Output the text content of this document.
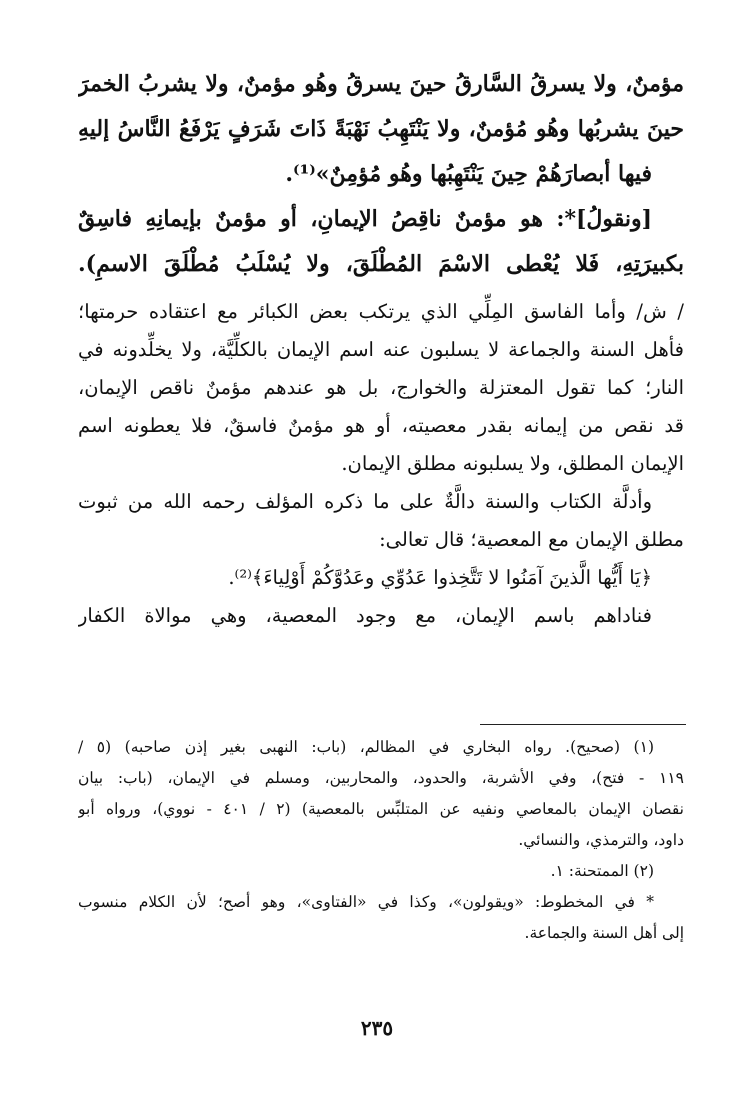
مؤمنٌ، ولا يسرقُ السَّارقُ حينَ يسرقُ وهُو مؤمنٌ، ولا يشربُ الخمرَ
حينَ يشربُها وهُو مُؤمنٌ، ولا يَنْتَهِبُ نَهْبَةً ذَاتَ شَرَفٍ يَرْفَعُ النَّاسُ إليهِ
فيها أبصارَهُمْ حِينَ يَنْتَهِبُها وهُو مُؤمِنٌ»⁽¹⁾.
[ونقولُ]*: هو مؤمنٌ ناقِصُ الإيمانِ، أو مؤمنٌ بإيمانِهِ فاسِقٌ
بكبيرَتِهِ، فَلا يُعْطى الاسْمَ المُطْلَقَ، ولا يُسْلَبُ مُطْلَقَ الاسمِ).
/ ش/ وأما الفاسق المِلِّي الذي يرتكب بعض الكبائر مع اعتقاده حرمتها؛
فأهل السنة والجماعة لا يسلبون عنه اسم الإيمان بالكلِّيَّة، ولا يخلِّدونه في
النار؛ كما تقول المعتزلة والخوارج، بل هو عندهم مؤمنٌ ناقص الإيمان،
قد نقص من إيمانه بقدر معصيته، أو هو مؤمنٌ فاسقٌ، فلا يعطونه اسم
الإيمان المطلق، ولا يسلبونه مطلق الإيمان.
وأدلَّة الكتاب والسنة دالَّةٌ على ما ذكره المؤلف رحمه الله من ثبوت
مطلق الإيمان مع المعصية؛ قال تعالى:
﴿يَا أَيُّها الَّذينَ آمَنُوا لا تَتَّخِذوا عَدُوِّي وعَدُوَّكُمْ أَوْلِياءَ﴾⁽²⁾.
فناداهم باسم الإيمان، مع وجود المعصية، وهي موالاة الكفار
(١) (صحيح). رواه البخاري في المظالم، (باب: النهبى بغير إذن صاحبه) (٥ /
١١٩ - فتح)، وفي الأشربة، والحدود، والمحاربين، ومسلم في الإيمان، (باب: بيان
نقصان الإيمان بالمعاصي ونفيه عن المتلبِّس بالمعصية) (٢ / ٤٠١ - نووي)، ورواه أبو
داود، والترمذي، والنسائي.
(٢) الممتحنة: ١.
* في المخطوط: «ويقولون»، وكذا في «الفتاوى»، وهو أصح؛ لأن الكلام منسوب
إلى أهل السنة والجماعة.
٢٣٥
